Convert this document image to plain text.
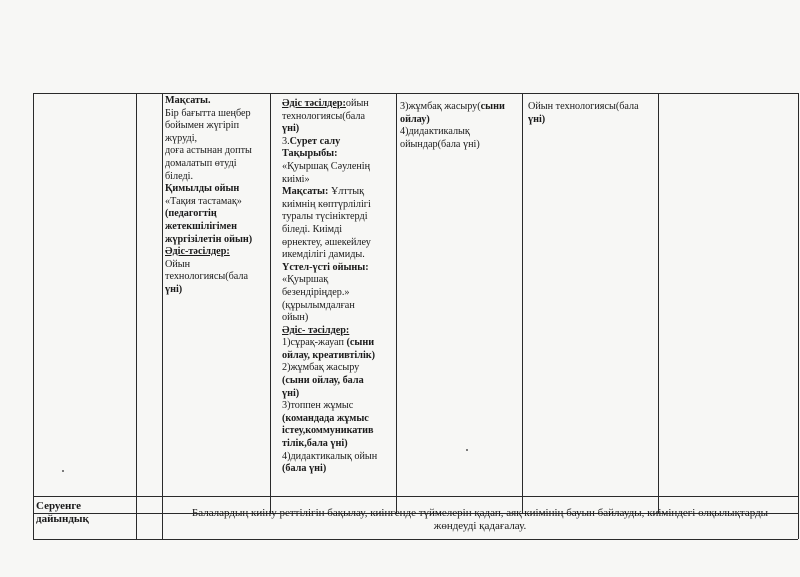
Мақсаты.
Бір бағытта шеңбер
бойымен жүгіріп
жүруді,
доға астынан допты
домалатып өтуді
біледі.
Қимылды ойын
«Тақия тастамақ»
(педагогтің
жетекшілігімен
жүргізілетін ойын)
Әдіс-тәсілдер:
Ойын
технологиясы(бала
үні)
Әдіс тәсілдер:ойын
технологиясы(бала
үні)
3.Сурет салу
Тақырыбы:
«Қуыршақ Сәуленің
киімі»
Мақсаты: Ұлттық
киімнің көптүрлілігі
туралы түсініктерді
біледі. Киімді
өрнектеу, әшекейлеу
икемділігі дамиды.
Үстел-үсті ойыны:
«Қуыршақ
безендіріңдер.»
(құрылымдалған
ойын)
Әдіс- тәсілдер:
1)сұрақ-жауап (сыни
ойлау, креативтілік)
2)жұмбақ жасыру
(сыни ойлау, бала
үні)
3)топпен жұмыс
(командада жұмыс
істеу,коммуникатив
тілік,бала үні)
4)дидактикалық ойын
(бала үні)
3)жұмбақ жасыру(сыни
ойлау)
4)дидактикалық
ойындар(бала үні)
Ойын технологиясы(бала
үні)
Серуенге
дайындық	Балалардың киіну реттілігін бақылау, киінгенде түймелерін қадап, аяқ киімінің бауын байлауды, киіміндегі олқылықтарды
жөндеуді қадағалау.
